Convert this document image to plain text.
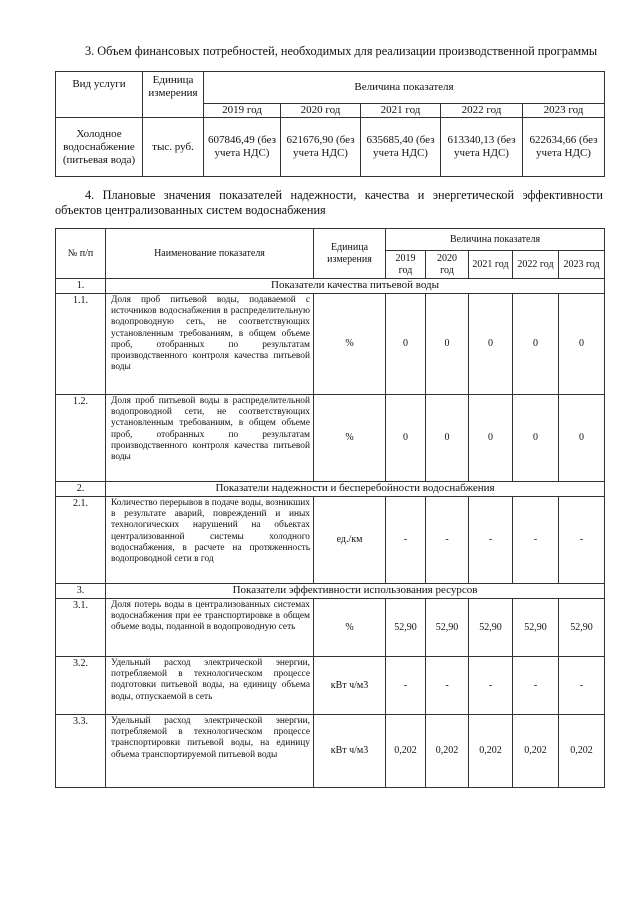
3. Объем финансовых потребностей, необходимых для реализации производственной программы
Вид услуги	Единица измерения	Величина показателя				
		2019 год	2020 год	2021 год	2022 год	2023 год
Холодное водоснабжение (питьевая вода)	тыс. руб.	607846,49 (без учета НДС)	621676,90 (без учета НДС)	635685,40 (без учета НДС)	613340,13 (без учета НДС)	622634,66 (без учета НДС)
4. Плановые значения показателей надежности, качества и энергетической эффективности объектов централизованных систем водоснабжения
№ п/п	Наименование показателя	Единица измерения	Величина показателя				
			2019 год	2020 год	2021 год	2022 год	2023 год
1.	Показатели качества питьевой воды						
1.1.	Доля проб питьевой воды, подаваемой с источников водоснабжения в распределительную водопроводную сеть, не соответствующих установленным требованиям, в общем объеме проб, отобранных по результатам производственного контроля качества питьевой воды	%	0	0	0	0	0
1.2.	Доля проб питьевой воды в распределительной водопроводной сети, не соответствующих установленным требованиям, в общем объеме проб, отобранных по результатам производственного контроля качества питьевой воды	%	0	0	0	0	0
2.	Показатели надежности и бесперебойности водоснабжения						
2.1.	Количество перерывов в подаче воды, возникших в результате аварий, повреждений и иных технологических нарушений на объектах централизованной системы холодного водоснабжения, в расчете на протяженность водопроводной сети в год	ед./км	-	-	-	-	-
3.	Показатели эффективности использования ресурсов						
3.1.	Доля потерь воды в централизованных системах водоснабжения при ее транспортировке в общем объеме воды, поданной в водопроводную сеть	%	52,90	52,90	52,90	52,90	52,90
3.2.	Удельный расход электрической энергии, потребляемой в технологическом процессе подготовки питьевой воды, на единицу объема воды, отпускаемой в сеть	кВт ч/м3	-	-	-	-	-
3.3.	Удельный расход электрической энергии, потребляемой в технологическом процессе транспортировки питьевой воды, на единицу объема транспортируемой питьевой воды	кВт ч/м3	0,202	0,202	0,202	0,202	0,202
